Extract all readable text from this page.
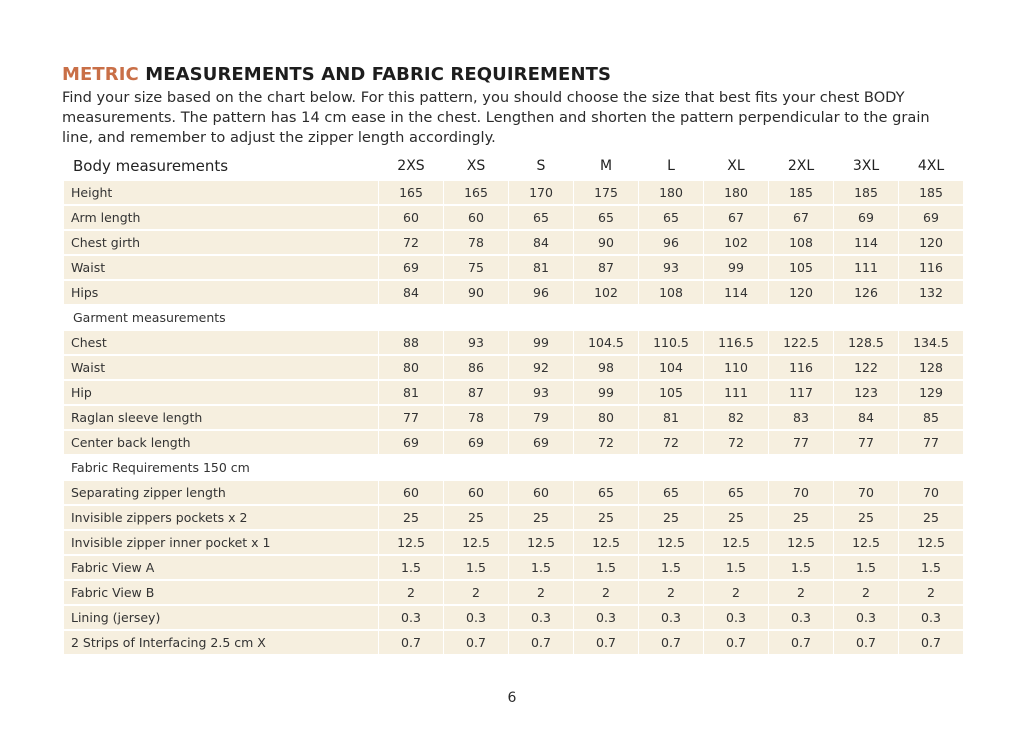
METRIC MEASUREMENTS AND FABRIC REQUIREMENTS

Find your size based on the chart below. For this pattern, you should choose the size that best fits your chest BODY measurements. The pattern has 14 cm ease in the chest. Lengthen and shorten the pattern perpendicular to the grain line, and remember to adjust the zipper length accordingly.

Body measurements	2XS	XS	S	M	L	XL	2XL	3XL	4XL
Height	165	165	170	175	180	180	185	185	185
Arm length	60	60	65	65	65	67	67	69	69
Chest girth	72	78	84	90	96	102	108	114	120
Waist	69	75	81	87	93	99	105	111	116
Hips	84	90	96	102	108	114	120	126	132
Garment measurements
Chest	88	93	99	104.5	110.5	116.5	122.5	128.5	134.5
Waist	80	86	92	98	104	110	116	122	128
Hip	81	87	93	99	105	111	117	123	129
Raglan sleeve length	77	78	79	80	81	82	83	84	85
Center back length	69	69	69	72	72	72	77	77	77
Fabric Requirements 150 cm
Separating zipper length	60	60	60	65	65	65	70	70	70
Invisible zippers pockets x 2	25	25	25	25	25	25	25	25	25
Invisible zipper inner pocket x 1	12.5	12.5	12.5	12.5	12.5	12.5	12.5	12.5	12.5
Fabric View A	1.5	1.5	1.5	1.5	1.5	1.5	1.5	1.5	1.5
Fabric View B	2	2	2	2	2	2	2	2	2
Lining (jersey)	0.3	0.3	0.3	0.3	0.3	0.3	0.3	0.3	0.3
2 Strips of Interfacing 2.5 cm X	0.7	0.7	0.7	0.7	0.7	0.7	0.7	0.7	0.7
6
